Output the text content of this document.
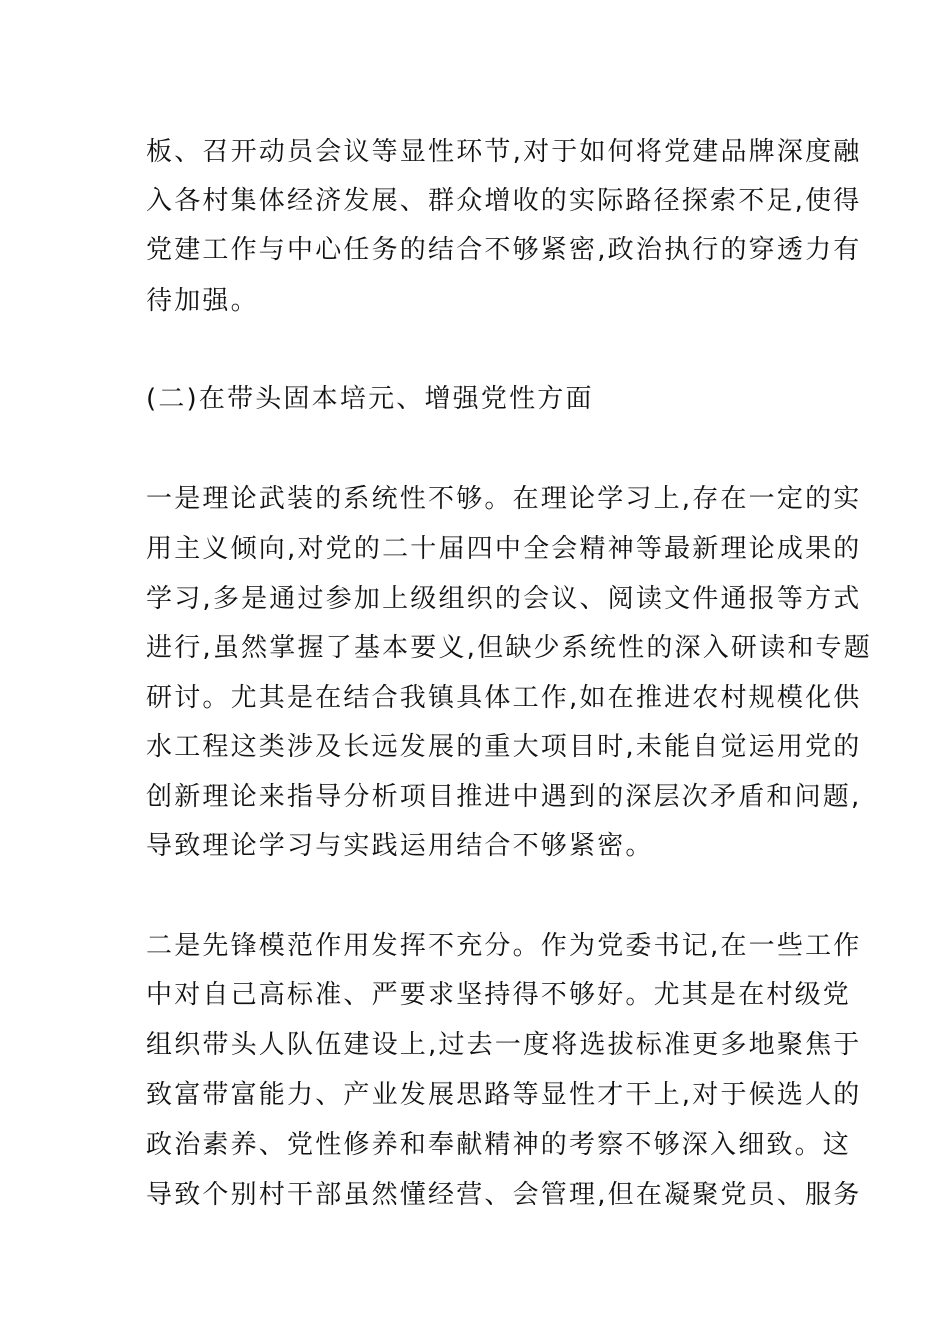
板、召开动员会议等显性环节,对于如何将党建品牌深度融
入各村集体经济发展、群众增收的实际路径探索不足,使得
党建工作与中心任务的结合不够紧密,政治执行的穿透力有
待加强。
(二)在带头固本培元、增强党性方面
一是理论武装的系统性不够。在理论学习上,存在一定的实
用主义倾向,对党的二十届四中全会精神等最新理论成果的
学习,多是通过参加上级组织的会议、阅读文件通报等方式
进行,虽然掌握了基本要义,但缺少系统性的深入研读和专题
研讨。尤其是在结合我镇具体工作,如在推进农村规模化供
水工程这类涉及长远发展的重大项目时,未能自觉运用党的
创新理论来指导分析项目推进中遇到的深层次矛盾和问题,
导致理论学习与实践运用结合不够紧密。
二是先锋模范作用发挥不充分。作为党委书记,在一些工作
中对自己高标准、严要求坚持得不够好。尤其是在村级党
组织带头人队伍建设上,过去一度将选拔标准更多地聚焦于
致富带富能力、产业发展思路等显性才干上,对于候选人的
政治素养、党性修养和奉献精神的考察不够深入细致。这
导致个别村干部虽然懂经营、会管理,但在凝聚党员、服务
